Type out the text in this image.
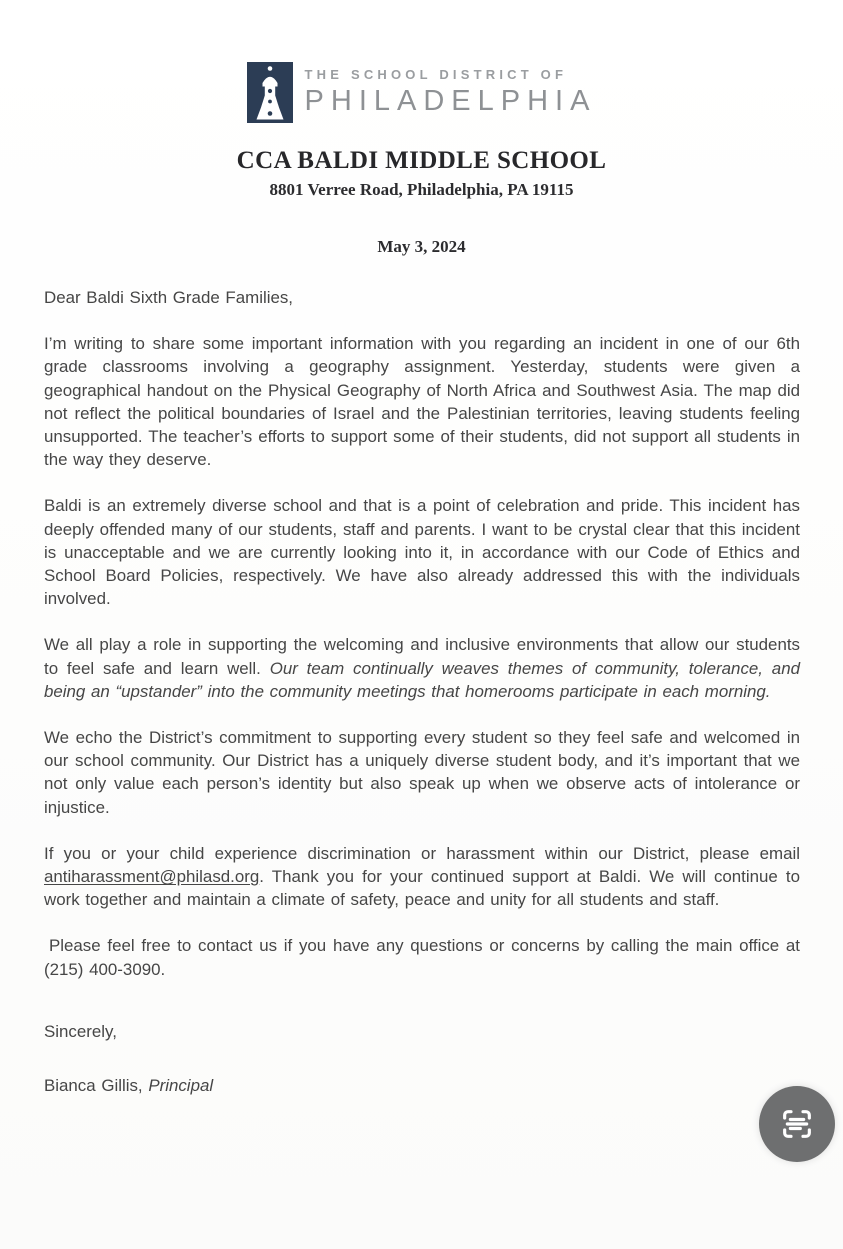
THE SCHOOL DISTRICT OF
PHILADELPHIA
CCA BALDI MIDDLE SCHOOL
8801 Verree Road, Philadelphia, PA 19115
May 3, 2024

Dear Baldi Sixth Grade Families,

I’m writing to share some important information with you regarding an incident in one of our 6th grade classrooms involving a geography assignment. Yesterday, students were given a geographical handout on the Physical Geography of North Africa and Southwest Asia. The map did not reflect the political boundaries of Israel and the Palestinian territories, leaving students feeling unsupported. The teacher’s efforts to support some of their students, did not support all students in the way they deserve.

Baldi is an extremely diverse school and that is a point of celebration and pride. This incident has deeply offended many of our students, staff and parents. I want to be crystal clear that this incident is unacceptable and we are currently looking into it, in accordance with our Code of Ethics and School Board Policies, respectively. We have also already addressed this with the individuals involved.

We all play a role in supporting the welcoming and inclusive environments that allow our students to feel safe and learn well. Our team continually weaves themes of community, tolerance, and being an “upstander” into the community meetings that homerooms participate in each morning.

We echo the District’s commitment to supporting every student so they feel safe and welcomed in our school community. Our District has a uniquely diverse student body, and it’s important that we not only value each person’s identity but also speak up when we observe acts of intolerance or injustice.

If you or your child experience discrimination or harassment within our District, please email antiharassment@philasd.org. Thank you for your continued support at Baldi. We will continue to work together and maintain a climate of safety, peace and unity for all students and staff.

Please feel free to contact us if you have any questions or concerns by calling the main office at (215) 400-3090.

Sincerely,

Bianca Gillis, Principal
